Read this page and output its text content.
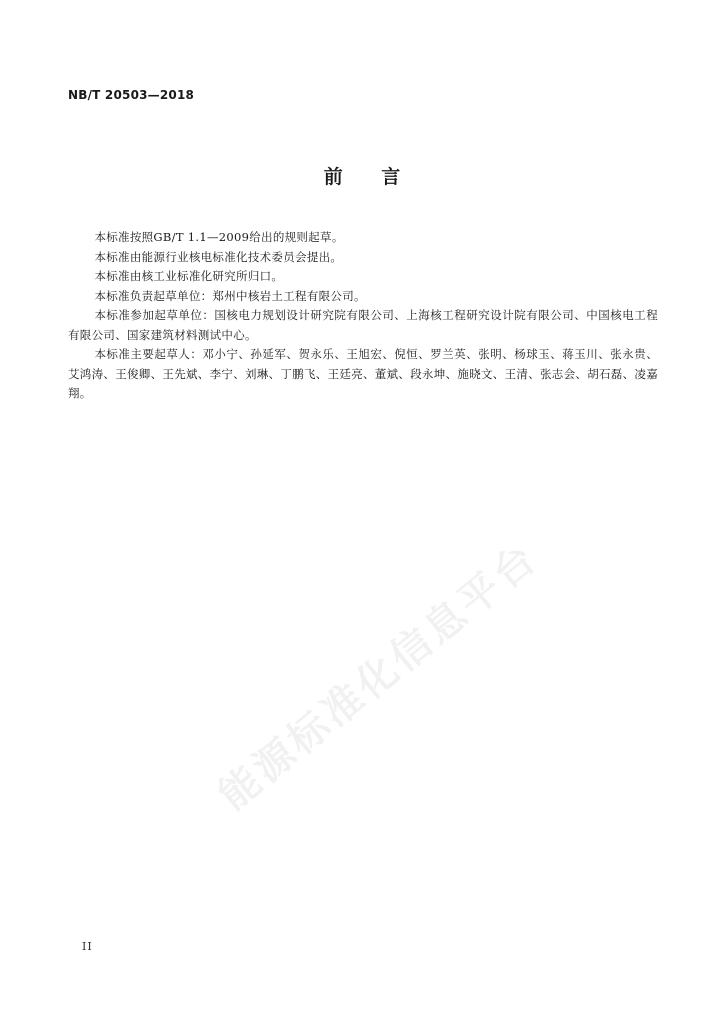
NB/T 20503—2018
前 言

本标准按照GB/T 1.1—2009给出的规则起草。

本标准由能源行业核电标准化技术委员会提出。

本标准由核工业标准化研究所归口。

本标准负责起草单位：郑州中核岩土工程有限公司。

本标准参加起草单位：国核电力规划设计研究院有限公司、上海核工程研究设计院有限公司、中国核电工程有限公司、国家建筑材料测试中心。

本标准主要起草人：邓小宁、孙延军、贺永乐、王旭宏、倪恒、罗兰英、张明、杨球玉、蒋玉川、张永贵、艾鸿涛、王俊卿、王先斌、李宁、刘琳、丁鹏飞、王廷亮、董斌、段永坤、施晓文、王清、张志会、胡石磊、凌嘉翔。

能源标准化信息平台
II
